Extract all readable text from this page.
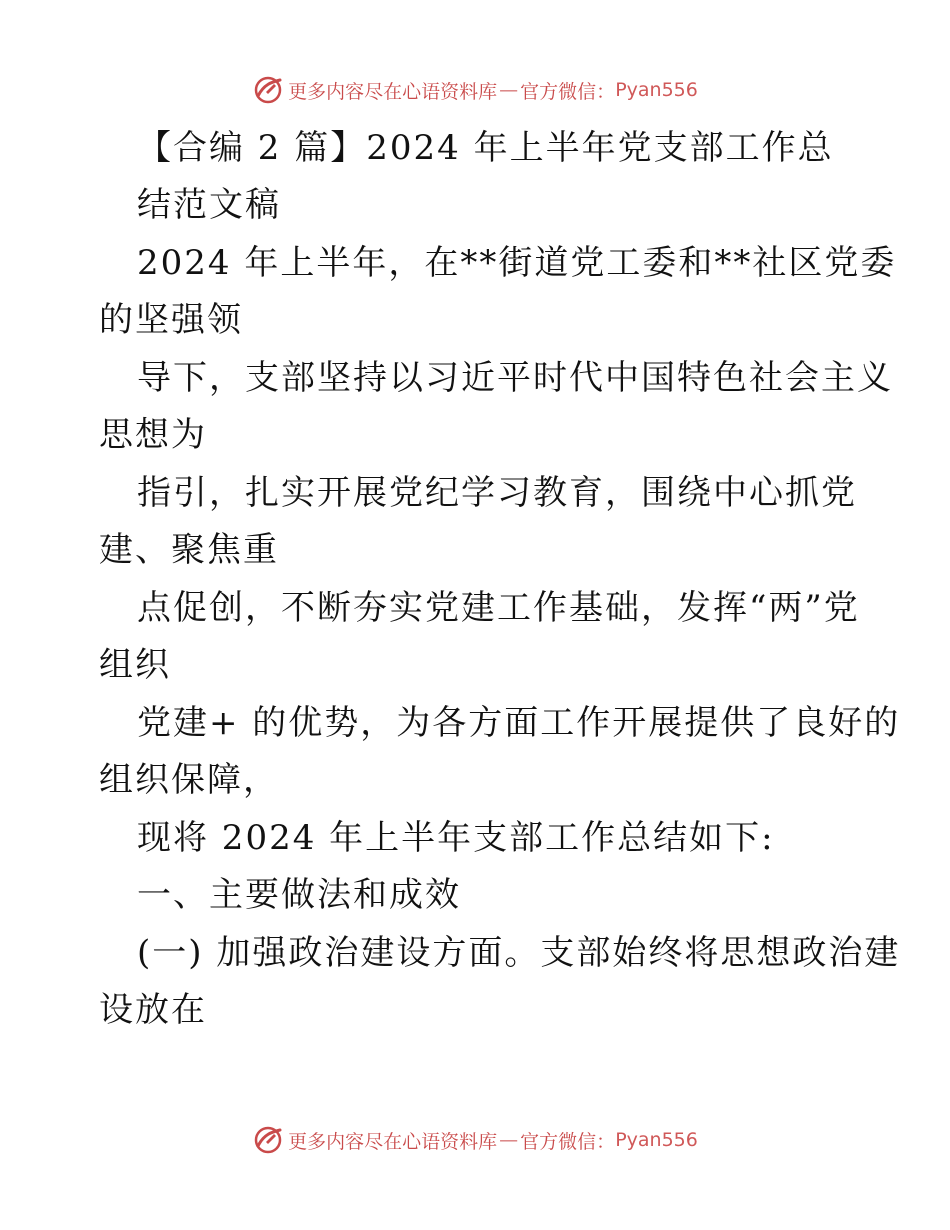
更多内容尽在心语资料库 — 官方微信： Pyan556
【合编 2 篇】2024 年上半年党支部工作总
结范文稿
2024 年上半年，在**街道党工委和**社区党委
的坚强领
导下，支部坚持以习近平时代中国特色社会主义
思想为
指引，扎实开展党纪学习教育，围绕中心抓党
建、聚焦重
点促创，不断夯实党建工作基础，发挥“两”党
组织
党建+ 的优势，为各方面工作开展提供了良好的
组织保障，
现将 2024 年上半年支部工作总结如下:
一、主要做法和成效
(一) 加强政治建设方面。支部始终将思想政治建
设放在
更多内容尽在心语资料库 — 官方微信： Pyan556
